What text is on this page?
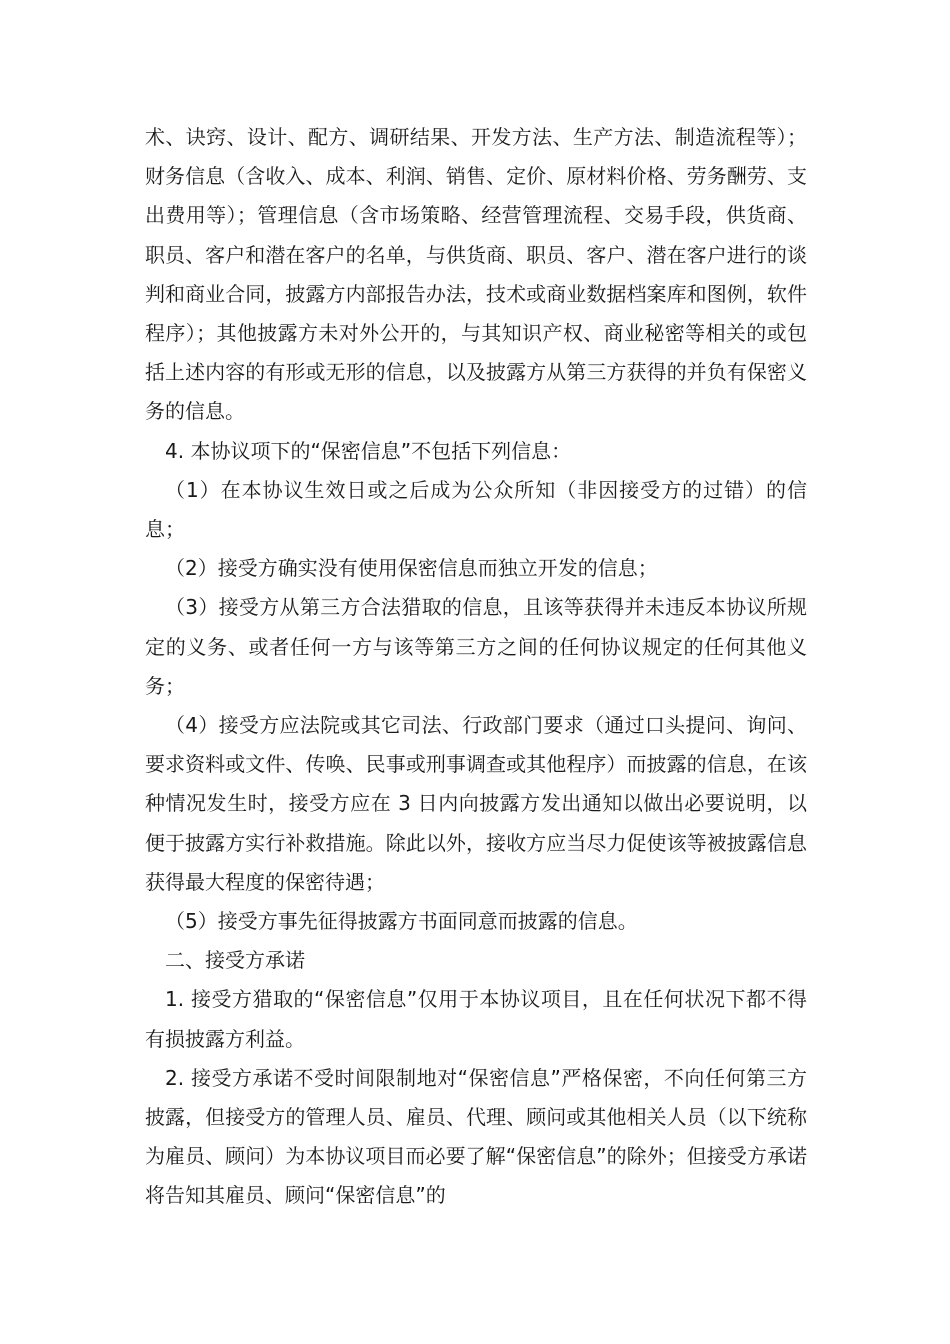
术、诀窍、设计、配方、调研结果、开发方法、生产方法、制造流程等）；财务信息（含收入、成本、利润、销售、定价、原材料价格、劳务酬劳、支出费用等）；管理信息（含市场策略、经营管理流程、交易手段，供货商、职员、客户和潜在客户的名单，与供货商、职员、客户、潜在客户进行的谈判和商业合同，披露方内部报告办法，技术或商业数据档案库和图例，软件程序）；其他披露方未对外公开的，与其知识产权、商业秘密等相关的或包括上述内容的有形或无形的信息，以及披露方从第三方获得的并负有保密义务的信息。

4. 本协议项下的“保密信息”不包括下列信息：

（1）在本协议生效日或之后成为公众所知（非因接受方的过错）的信息；

（2）接受方确实没有使用保密信息而独立开发的信息；

（3）接受方从第三方合法猎取的信息，且该等获得并未违反本协议所规定的义务、或者任何一方与该等第三方之间的任何协议规定的任何其他义务；

（4）接受方应法院或其它司法、行政部门要求（通过口头提问、询问、要求资料或文件、传唤、民事或刑事调查或其他程序）而披露的信息，在该种情况发生时，接受方应在 3 日内向披露方发出通知以做出必要说明，以便于披露方实行补救措施。除此以外，接收方应当尽力促使该等被披露信息获得最大程度的保密待遇；

（5）接受方事先征得披露方书面同意而披露的信息。

二、接受方承诺

1. 接受方猎取的“保密信息”仅用于本协议项目，且在任何状况下都不得有损披露方利益。

2. 接受方承诺不受时间限制地对“保密信息”严格保密，不向任何第三方披露，但接受方的管理人员、雇员、代理、顾问或其他相关人员（以下统称为雇员、顾问）为本协议项目而必要了解“保密信息”的除外；但接受方承诺将告知其雇员、顾问“保密信息”的
